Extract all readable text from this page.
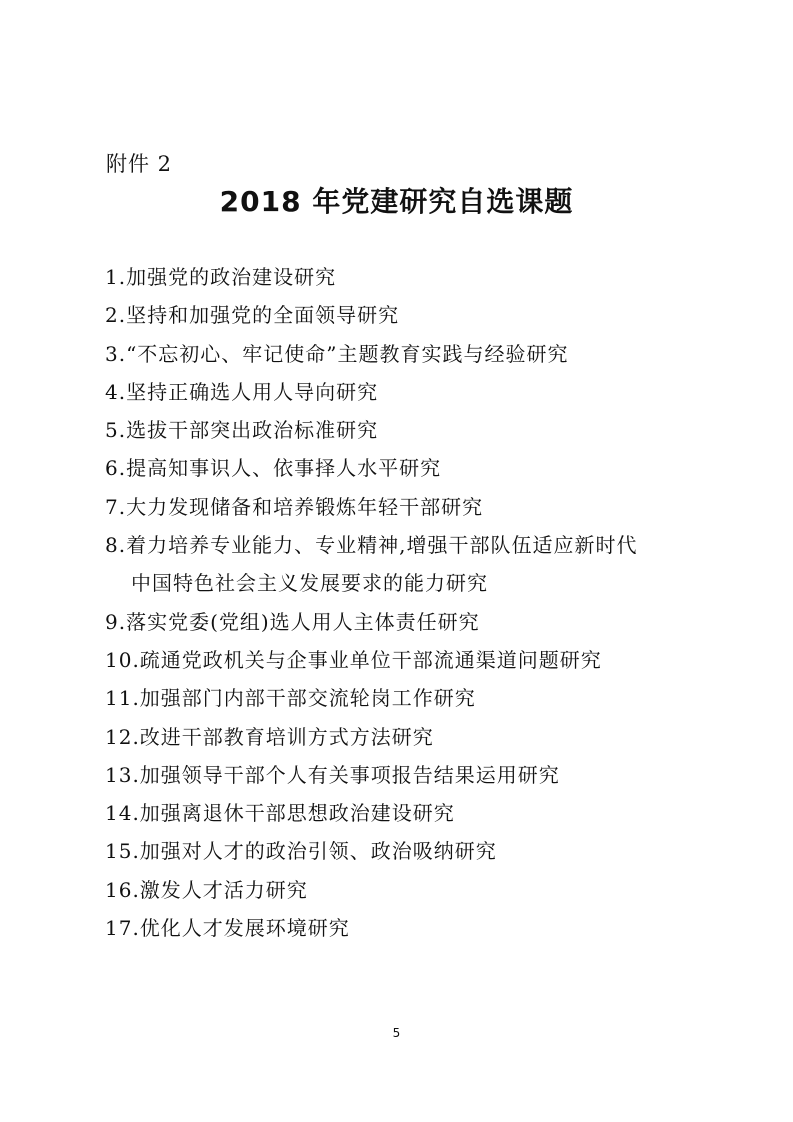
附件 2
2018 年党建研究自选课题
1.加强党的政治建设研究
2.坚持和加强党的全面领导研究
3.“不忘初心、牢记使命”主题教育实践与经验研究
4.坚持正确选人用人导向研究
5.选拔干部突出政治标准研究
6.提高知事识人、依事择人水平研究
7.大力发现储备和培养锻炼年轻干部研究
8.着力培养专业能力、专业精神,增强干部队伍适应新时代
中国特色社会主义发展要求的能力研究
9.落实党委(党组)选人用人主体责任研究
10.疏通党政机关与企事业单位干部流通渠道问题研究
11.加强部门内部干部交流轮岗工作研究
12.改进干部教育培训方式方法研究
13.加强领导干部个人有关事项报告结果运用研究
14.加强离退休干部思想政治建设研究
15.加强对人才的政治引领、政治吸纳研究
16.激发人才活力研究
17.优化人才发展环境研究
5
